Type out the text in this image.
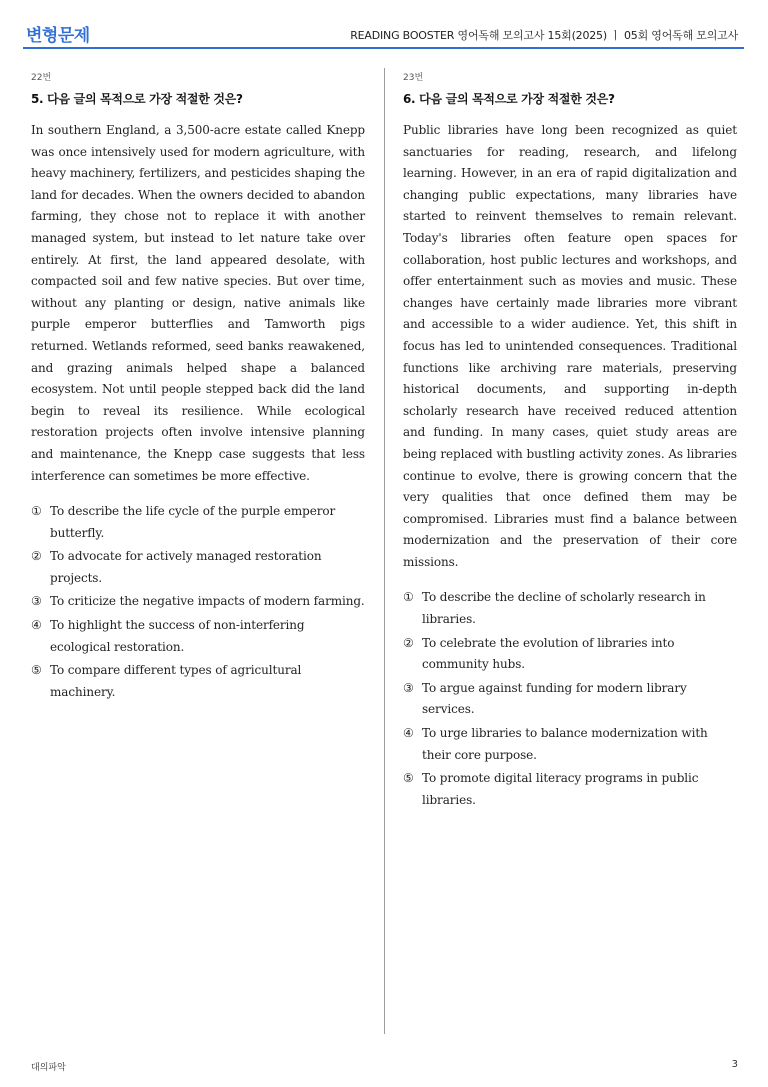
변형문제	READING BOOSTER 영어독해 모의고사 15회(2025) ㅣ 05회 영어독해 모의고사

22번

5. 다음 글의 목적으로 가장 적절한 것은?

In southern England, a 3,500-acre estate called Knepp was once intensively used for modern agriculture, with heavy machinery, fertilizers, and pesticides shaping the land for decades. When the owners decided to abandon farming, they chose not to replace it with another managed system, but instead to let nature take over entirely. At first, the land appeared desolate, with compacted soil and few native species. But over time, without any planting or design, native animals like purple emperor butterflies and Tamworth pigs returned. Wetlands reformed, seed banks reawakened, and grazing animals helped shape a balanced ecosystem. Not until people stepped back did the land begin to reveal its resilience. While ecological restoration projects often involve intensive planning and maintenance, the Knepp case suggests that less interference can sometimes be more effective.

① To describe the life cycle of the purple emperor butterfly.
② To advocate for actively managed restoration projects.
③ To criticize the negative impacts of modern farming.
④ To highlight the success of non-interfering ecological restoration.
⑤ To compare different types of agricultural machinery.

23번

6. 다음 글의 목적으로 가장 적절한 것은?

Public libraries have long been recognized as quiet sanctuaries for reading, research, and lifelong learning. However, in an era of rapid digitalization and changing public expectations, many libraries have started to reinvent themselves to remain relevant. Today's libraries often feature open spaces for collaboration, host public lectures and workshops, and offer entertainment such as movies and music. These changes have certainly made libraries more vibrant and accessible to a wider audience. Yet, this shift in focus has led to unintended consequences. Traditional functions like archiving rare materials, preserving historical documents, and supporting in-depth scholarly research have received reduced attention and funding. In many cases, quiet study areas are being replaced with bustling activity zones. As libraries continue to evolve, there is growing concern that the very qualities that once defined them may be compromised. Libraries must find a balance between modernization and the preservation of their core missions.

① To describe the decline of scholarly research in libraries.
② To celebrate the evolution of libraries into community hubs.
③ To argue against funding for modern library services.
④ To urge libraries to balance modernization with their core purpose.
⑤ To promote digital literacy programs in public libraries.
대의파악	3
